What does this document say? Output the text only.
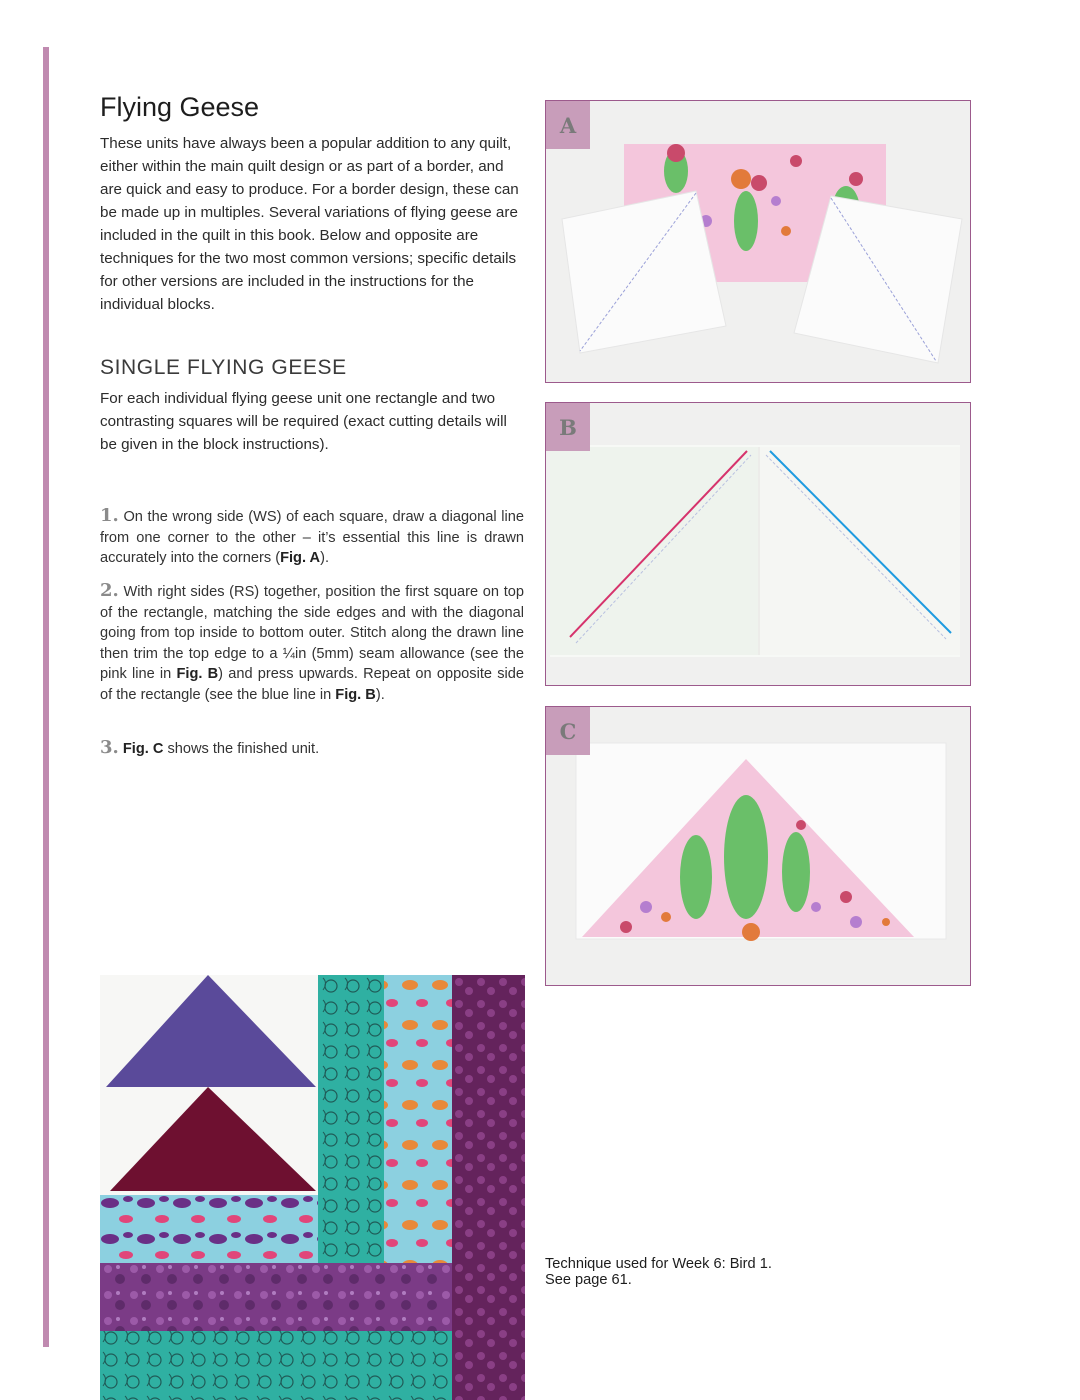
Flying Geese

These units have always been a popular addition to any quilt, either within the main quilt design or as part of a border, and are quick and easy to produce. For a border design, these can be made up in multiples. Several variations of flying geese are included in the quilt in this book. Below and opposite are techniques for the two most common versions; specific details for other versions are included in the instructions for the individual blocks.

SINGLE FLYING GEESE

For each individual flying geese unit one rectangle and two contrasting squares will be required (exact cutting details will be given in the block instructions).

1. On the wrong side (WS) of each square, draw a diagonal line from one corner to the other – it’s essential this line is drawn accurately into the corners (Fig. A).

2. With right sides (RS) together, position the first square on top of the rectangle, matching the side edges and with the diagonal going from top inside to bottom outer. Stitch along the drawn line then trim the top edge to a ¼in (5mm) seam allowance (see the pink line in Fig. B) and press upwards. Repeat on opposite side of the rectangle (see the blue line in Fig. B).

3. Fig. C shows the finished unit.

A
B
C

Technique used for Week 6: Bird 1.
See page 61.
